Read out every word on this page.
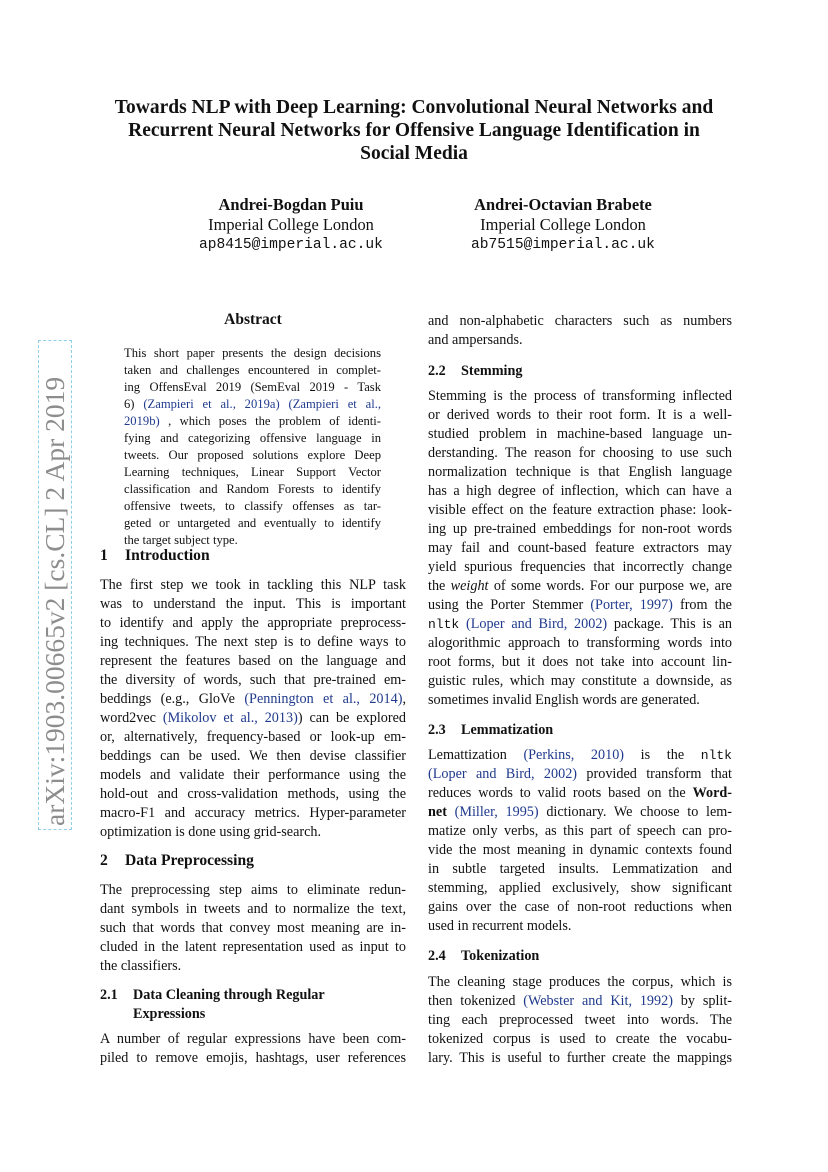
Towards NLP with Deep Learning: Convolutional Neural Networks and
Recurrent Neural Networks for Offensive Language Identification in
Social Media
Andrei-Bogdan Puiu
Imperial College London
ap8415@imperial.ac.uk
Andrei-Octavian Brabete
Imperial College London
ab7515@imperial.ac.uk
arXiv:1903.00665v2 [cs.CL] 2 Apr 2019
Abstract
This short paper presents the design decisions
taken and challenges encountered in complet-
ing OffensEval 2019 (SemEval 2019 - Task
6) (Zampieri et al., 2019a) (Zampieri et al.,
2019b) , which poses the problem of identi-
fying and categorizing offensive language in
tweets. Our proposed solutions explore Deep
Learning techniques, Linear Support Vector
classification and Random Forests to identify
offensive tweets, to classify offenses as tar-
geted or untargeted and eventually to identify
the target subject type.
1 Introduction
The first step we took in tackling this NLP task
was to understand the input. This is important
to identify and apply the appropriate preprocess-
ing techniques. The next step is to define ways to
represent the features based on the language and
the diversity of words, such that pre-trained em-
beddings (e.g., GloVe (Pennington et al., 2014),
word2vec (Mikolov et al., 2013)) can be explored
or, alternatively, frequency-based or look-up em-
beddings can be used. We then devise classifier
models and validate their performance using the
hold-out and cross-validation methods, using the
macro-F1 and accuracy metrics. Hyper-parameter
optimization is done using grid-search.
2 Data Preprocessing
The preprocessing step aims to eliminate redun-
dant symbols in tweets and to normalize the text,
such that words that convey most meaning are in-
cluded in the latent representation used as input to
the classifiers.
2.1 Data Cleaning through Regular
Expressions
A number of regular expressions have been com-
piled to remove emojis, hashtags, user references
and non-alphabetic characters such as numbers
and ampersands.
2.2 Stemming
Stemming is the process of transforming inflected
or derived words to their root form. It is a well-
studied problem in machine-based language un-
derstanding. The reason for choosing to use such
normalization technique is that English language
has a high degree of inflection, which can have a
visible effect on the feature extraction phase: look-
ing up pre-trained embeddings for non-root words
may fail and count-based feature extractors may
yield spurious frequencies that incorrectly change
the weight of some words. For our purpose we, are
using the Porter Stemmer (Porter, 1997) from the
nltk (Loper and Bird, 2002) package. This is an
alogorithmic approach to transforming words into
root forms, but it does not take into account lin-
guistic rules, which may constitute a downside, as
sometimes invalid English words are generated.
2.3 Lemmatization
Lemattization (Perkins, 2010) is the nltk
(Loper and Bird, 2002) provided transform that
reduces words to valid roots based on the Word-
net (Miller, 1995) dictionary. We choose to lem-
matize only verbs, as this part of speech can pro-
vide the most meaning in dynamic contexts found
in subtle targeted insults. Lemmatization and
stemming, applied exclusively, show significant
gains over the case of non-root reductions when
used in recurrent models.
2.4 Tokenization
The cleaning stage produces the corpus, which is
then tokenized (Webster and Kit, 1992) by split-
ting each preprocessed tweet into words. The
tokenized corpus is used to create the vocabu-
lary. This is useful to further create the mappings
